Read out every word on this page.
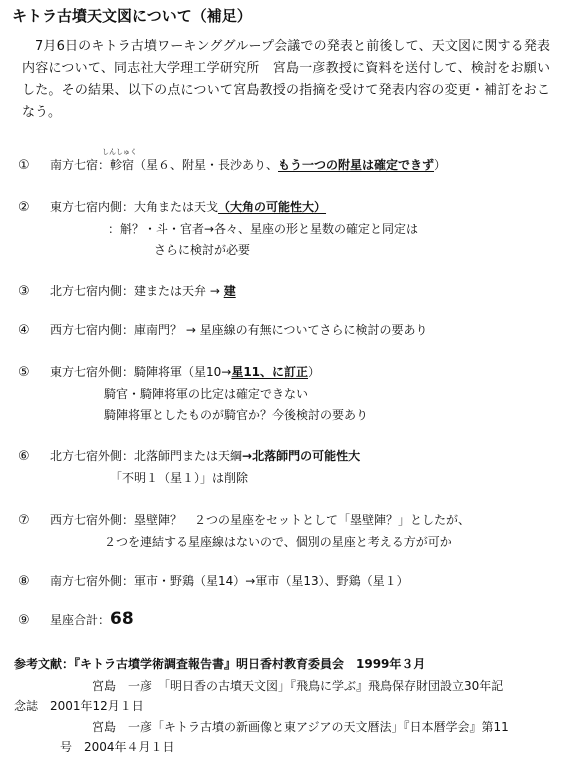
キトラ古墳天文図について（補足）
7月6日のキトラ古墳ワーキンググループ会議での発表と前後して、天文図に関する発表内容について、同志社大学理工学研究所　宮島一彦教授に資料を送付して、検討をお願いした。その結果、以下の点について宮島教授の指摘を受けて発表内容の変更・補訂をおこなう。
しんしゅく
① 南方七宿：軫宿（星６、附星・長沙あり、もう一つの附星は確定できず）
② 東方七宿内側：大角または天戈（大角の可能性大）
：斛？・斗・官者→各々、星座の形と星数の確定と同定は
さらに検討が必要
③ 北方七宿内側：建または天弁 → 建
④ 西方七宿内側：庫南門？ → 星座線の有無についてさらに検討の要あり
⑤ 東方七宿外側：騎陣将軍（星10→星11、に訂正）
騎官・騎陣将軍の比定は確定できない
騎陣将軍としたものが騎官か？今後検討の要あり
⑥ 北方七宿外側：北落師門または天綱→北落師門の可能性大
「不明１（星１）」は削除
⑦ 西方七宿外側：塁壁陣？　２つの星座をセットとして「塁壁陣？」としたが、
２つを連結する星座線はないので、個別の星座と考える方が可か
⑧ 南方七宿外側：軍市・野鶏（星14）→軍市（星13）、野鶏（星１）
⑨ 星座合計：68
参考文献：『キトラ古墳学術調査報告書』明日香村教育委員会　1999年３月
宮島　一彦　「明日香の古墳天文図」『飛鳥に学ぶ』飛鳥保存財団設立30年記
念誌　2001年12月１日
宮島　一彦「キトラ古墳の新画像と東アジアの天文暦法」『日本暦学会』第11
号　2004年４月１日
